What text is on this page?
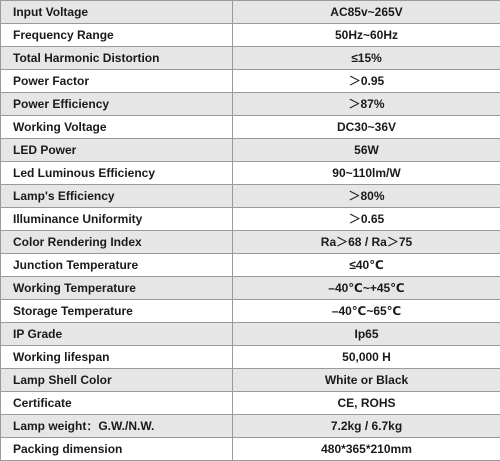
Input Voltage	AC85v~265V
Frequency Range	50Hz~60Hz
Total Harmonic Distortion	≤15%
Power Factor	＞0.95
Power Efficiency	＞87%
Working Voltage	DC30~36V
LED Power	56W
Led Luminous Efficiency	90~110lm/W
Lamp's Efficiency	＞80%
Illuminance Uniformity	＞0.65
Color Rendering Index	Ra＞68 / Ra＞75
Junction Temperature	≤40℃
Working Temperature	–40℃~+45℃
Storage Temperature	–40℃~65℃
IP Grade	Ip65
Working lifespan	50,000 H
Lamp Shell Color	White or Black
Certificate	CE, ROHS
Lamp weight：G.W./N.W.	7.2kg / 6.7kg
Packing dimension	480*365*210mm
